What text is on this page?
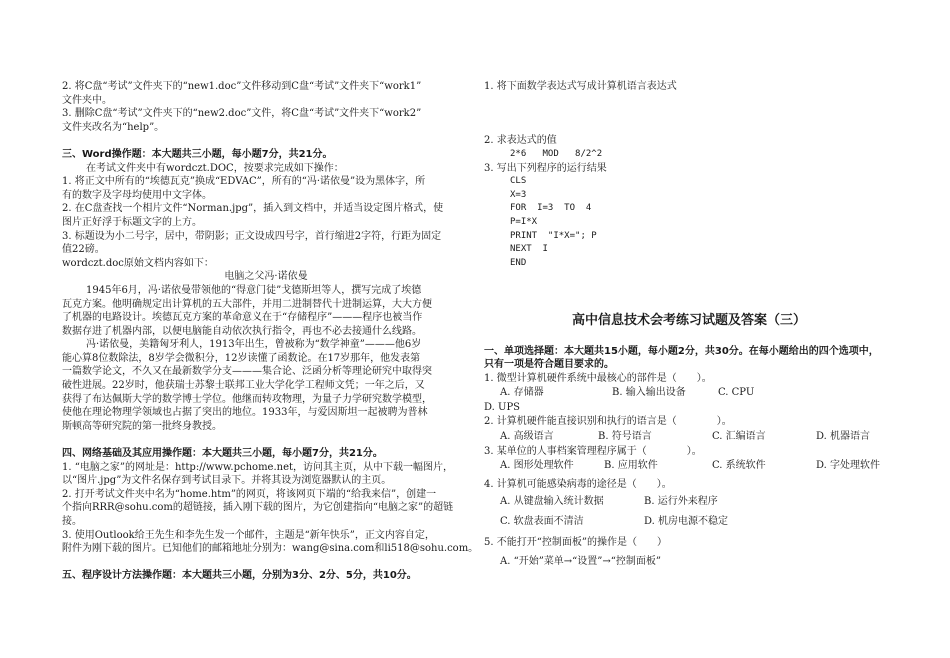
2. 将C盘“考试”文件夹下的“new1.doc”文件移动到C盘“考试”文件夹下“work1”
文件夹中。
3. 删除C盘“考试”文件夹下的“new2.doc”文件，将C盘“考试”文件夹下“work2”
文件夹改名为“help”。
三、Word操作题：本大题共三小题，每小题7分，共21分。
在考试文件夹中有wordczt.DOC，按要求完成如下操作：
1. 将正文中所有的“埃德瓦克”换成“EDVAC”，所有的“冯·诺依曼”设为黑体字，所
有的数字及字母均使用中文字体。
2. 在C盘查找一个相片文件“Norman.jpg”，插入到文档中，并适当设定图片格式，使
图片正好浮于标题文字的上方。
3. 标题设为小二号字，居中，带阴影；正文设成四号字，首行缩进2字符，行距为固定
值22磅。
wordczt.doc原始文档内容如下：
电脑之父冯·诺依曼
1945年6月，冯·诺依曼带领他的“得意门徒”戈德斯坦等人，撰写完成了埃德
瓦克方案。他明确规定出计算机的五大部件，并用二进制替代十进制运算，大大方便
了机器的电路设计。埃德瓦克方案的革命意义在于“存储程序”———程序也被当作
数据存进了机器内部，以便电脑能自动依次执行指令，再也不必去接通什么线路。
冯·诺依曼，美籍匈牙利人，1913年出生，曾被称为“数学神童”———他6岁
能心算8位数除法，8岁学会微积分，12岁读懂了函数论。在17岁那年，他发表第
一篇数学论文，不久又在最新数学分支———集合论、泛函分析等理论研究中取得突
破性进展。22岁时，他获瑞士苏黎士联邦工业大学化学工程师文凭；一年之后，又
获得了布达佩斯大学的数学博士学位。他继而转攻物理，为量子力学研究数学模型，
使他在理论物理学领域也占据了突出的地位。1933年，与爱因斯坦一起被聘为普林
斯顿高等研究院的第一批终身教授。
四、网络基础及其应用操作题：本大题共三小题，每小题7分，共21分。
1. “电脑之家”的网址是：http://www.pchome.net，访问其主页，从中下载一幅图片，
以“图片.jpg”为文件名保存到考试目录下。并将其设为浏览器默认的主页。
2. 打开考试文件夹中名为“home.htm”的网页，将该网页下端的“给我来信”，创建一
个指向RRR@sohu.com的超链接，插入刚下载的图片，为它创建指向“电脑之家”的超链
接。
3. 使用Outlook给王先生和李先生发一个邮件，主题是“新年快乐”，正文内容自定，
附件为刚下载的图片。已知他们的邮箱地址分别为：wang@sina.com和li518@sohu.com。
五、程序设计方法操作题：本大题共三小题，分别为3分、2分、5分，共10分。
1. 将下面数学表达式写成计算机语言表达式
2. 求表达式的值
2*6   MOD   8/2^2
3. 写出下列程序的运行结果
CLS
X=3
FOR  I=3  TO  4
P=I*X
PRINT  "I*X="; P
NEXT  I
END
高中信息技术会考练习试题及答案（三）
一、单项选择题：本大题共15小题，每小题2分，共30分。在每小题给出的四个选项中，
只有一项是符合题目要求的。
1. 微型计算机硬件系统中最核心的部件是（　　）。
A. 存储器	B. 输入输出设备	C. CPU
D. UPS
2. 计算机硬件能直接识别和执行的语言是（　　　　）。
A. 高级语言	B. 符号语言	C. 汇编语言	D. 机器语言
3. 某单位的人事档案管理程序属于（　　　　）。
A. 图形处理软件	B. 应用软件	C. 系统软件	D. 字处理软件
4. 计算机可能感染病毒的途径是（　　）。
A. 从键盘输入统计数据	B. 运行外来程序
C. 软盘表面不清洁	D. 机房电源不稳定
5. 不能打开“控制面板”的操作是（　　）
A. “开始”菜单→“设置”→“控制面板”
